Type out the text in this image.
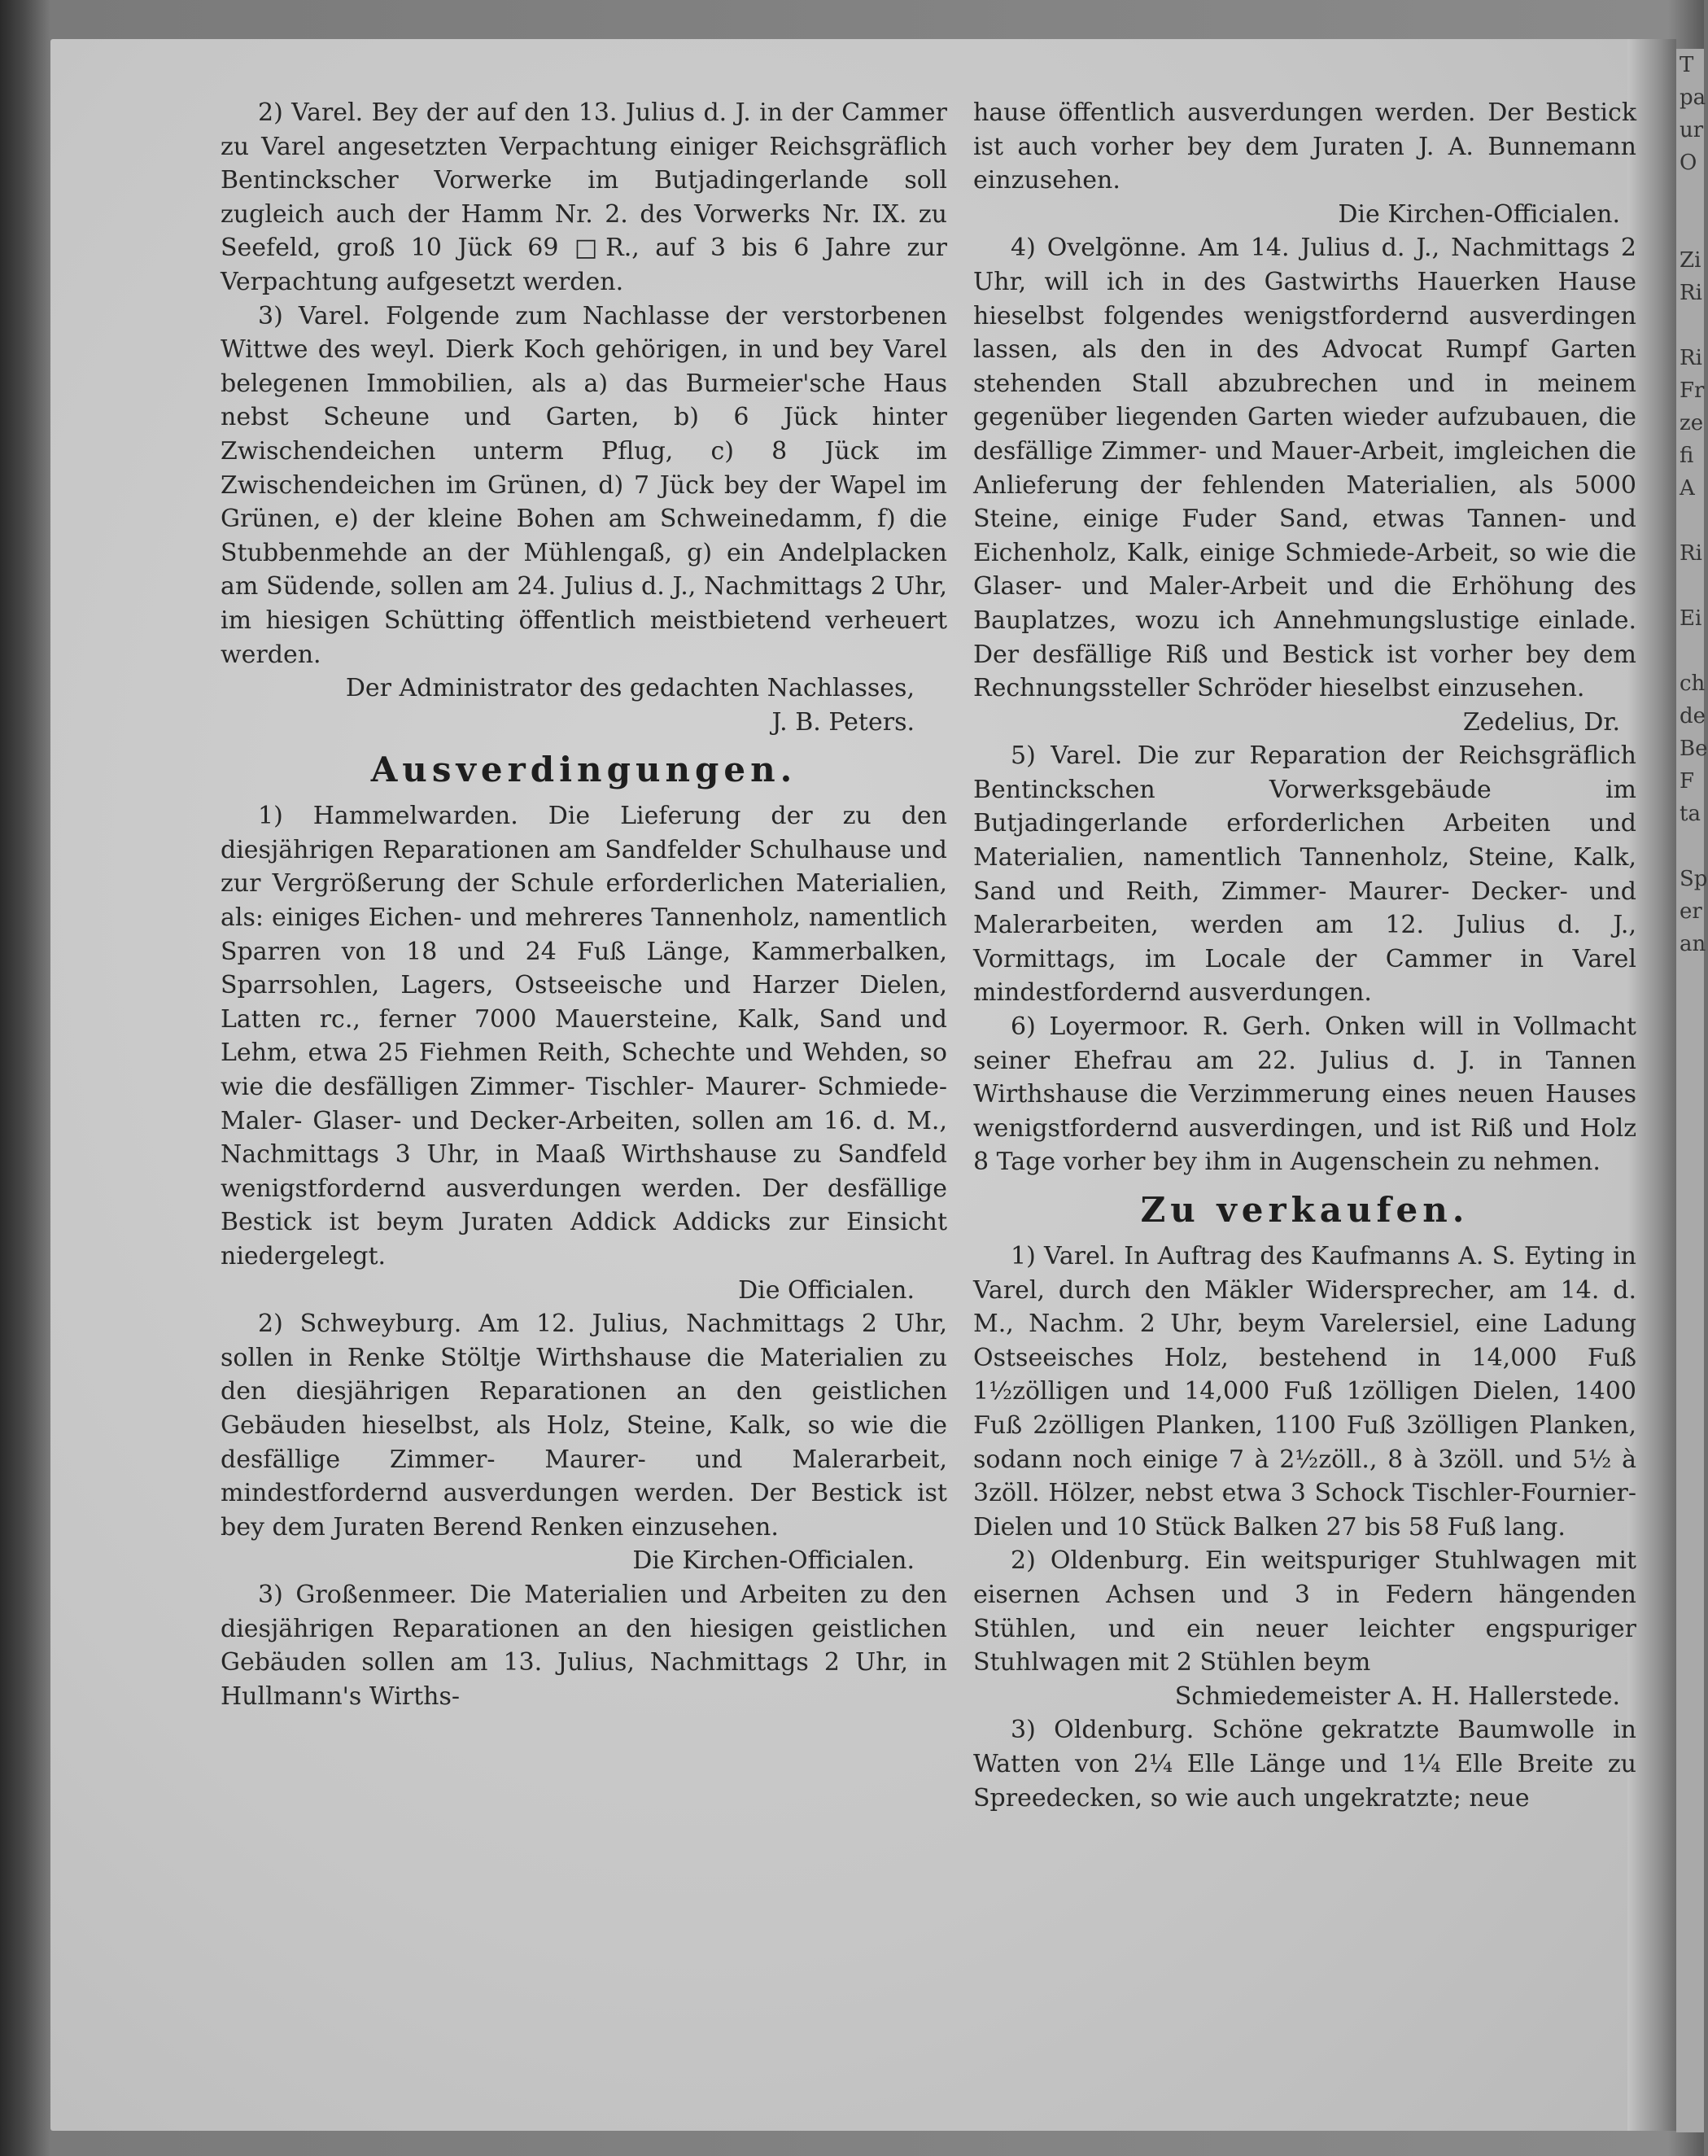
2) Varel. Bey der auf den 13. Julius d. J. in der Cammer zu Varel angesetzten Verpachtung einiger Reichsgräflich Bentinckscher Vorwerke im Butjadingerlande soll zugleich auch der Hamm Nr. 2. des Vorwerks Nr. IX. zu Seefeld, groß 10 Jück 69 □R., auf 3 bis 6 Jahre zur Verpachtung aufgesetzt werden.

3) Varel. Folgende zum Nachlasse der verstorbenen Wittwe des weyl. Dierk Koch gehörigen, in und bey Varel belegenen Immobilien, als a) das Burmeier'sche Haus nebst Scheune und Garten, b) 6 Jück hinter Zwischendeichen unterm Pflug, c) 8 Jück im Zwischendeichen im Grünen, d) 7 Jück bey der Wapel im Grünen, e) der kleine Bohen am Schweinedamm, f) die Stubbenmehde an der Mühlengaß, g) ein Andelplacken am Südende, sollen am 24. Julius d. J., Nachmittags 2 Uhr, im hiesigen Schütting öffentlich meistbietend verheuert werden.

Der Administrator des gedachten Nachlasses,

J. B. Peters.

Ausverdingungen.

1) Hammelwarden. Die Lieferung der zu den diesjährigen Reparationen am Sandfelder Schulhause und zur Vergrößerung der Schule erforderlichen Materialien, als: einiges Eichen- und mehreres Tannenholz, namentlich Sparren von 18 und 24 Fuß Länge, Kammerbalken, Sparrsohlen, Lagers, Ostseeische und Harzer Dielen, Latten rc., ferner 7000 Mauersteine, Kalk, Sand und Lehm, etwa 25 Fiehmen Reith, Schechte und Wehden, so wie die desfälligen Zimmer- Tischler- Maurer- Schmiede- Maler- Glaser- und Decker-Arbeiten, sollen am 16. d. M., Nachmittags 3 Uhr, in Maaß Wirthshause zu Sandfeld wenigstfordernd ausverdungen werden. Der desfällige Bestick ist beym Juraten Addick Addicks zur Einsicht niedergelegt.

Die Officialen.

2) Schweyburg. Am 12. Julius, Nachmittags 2 Uhr, sollen in Renke Stöltje Wirthshause die Materialien zu den diesjährigen Reparationen an den geistlichen Gebäuden hieselbst, als Holz, Steine, Kalk, so wie die desfällige Zimmer- Maurer- und Malerarbeit, mindestfordernd ausverdungen werden. Der Bestick ist bey dem Juraten Berend Renken einzusehen.

Die Kirchen-Officialen.

3) Großenmeer. Die Materialien und Arbeiten zu den diesjährigen Reparationen an den hiesigen geistlichen Gebäuden sollen am 13. Julius, Nachmittags 2 Uhr, in Hullmann's Wirths-

hause öffentlich ausverdungen werden. Der Bestick ist auch vorher bey dem Juraten J. A. Bunnemann einzusehen.

Die Kirchen-Officialen.

4) Ovelgönne. Am 14. Julius d. J., Nachmittags 2 Uhr, will ich in des Gastwirths Hauerken Hause hieselbst folgendes wenigstfordernd ausverdingen lassen, als den in des Advocat Rumpf Garten stehenden Stall abzubrechen und in meinem gegenüber liegenden Garten wieder aufzubauen, die desfällige Zimmer- und Mauer-Arbeit, imgleichen die Anlieferung der fehlenden Materialien, als 5000 Steine, einige Fuder Sand, etwas Tannen- und Eichenholz, Kalk, einige Schmiede-Arbeit, so wie die Glaser- und Maler-Arbeit und die Erhöhung des Bauplatzes, wozu ich Annehmungslustige einlade. Der desfällige Riß und Bestick ist vorher bey dem Rechnungssteller Schröder hieselbst einzusehen.

Zedelius, Dr.

5) Varel. Die zur Reparation der Reichsgräflich Bentinckschen Vorwerksgebäude im Butjadingerlande erforderlichen Arbeiten und Materialien, namentlich Tannenholz, Steine, Kalk, Sand und Reith, Zimmer- Maurer- Decker- und Malerarbeiten, werden am 12. Julius d. J., Vormittags, im Locale der Cammer in Varel mindestfordernd ausverdungen.

6) Loyermoor. R. Gerh. Onken will in Vollmacht seiner Ehefrau am 22. Julius d. J. in Tannen Wirthshause die Verzimmerung eines neuen Hauses wenigstfordernd ausverdingen, und ist Riß und Holz 8 Tage vorher bey ihm in Augenschein zu nehmen.

Zu verkaufen.

1) Varel. In Auftrag des Kaufmanns A. S. Eyting in Varel, durch den Mäkler Widersprecher, am 14. d. M., Nachm. 2 Uhr, beym Varelersiel, eine Ladung Ostseeisches Holz, bestehend in 14,000 Fuß 1½zölligen und 14,000 Fuß 1zölligen Dielen, 1400 Fuß 2zölligen Planken, 1100 Fuß 3zölligen Planken, sodann noch einige 7 à 2½zöll., 8 à 3zöll. und 5½ à 3zöll. Hölzer, nebst etwa 3 Schock Tischler-Fournier-Dielen und 10 Stück Balken 27 bis 58 Fuß lang.

2) Oldenburg. Ein weitspuriger Stuhlwagen mit eisernen Achsen und 3 in Federn hängenden Stühlen, und ein neuer leichter engspuriger Stuhlwagen mit 2 Stühlen beym

Schmiedemeister A. H. Hallerstede.

3) Oldenburg. Schöne gekratzte Baumwolle in Watten von 2¼ Elle Länge und 1¼ Elle Breite zu Spreedecken, so wie auch ungekratzte; neue

T
pa
ur
O

Zi
Ri

Ri
Fr
ze
fi
A

Ri

Ei

ch
de
Be
F
ta

Sp
er
an
